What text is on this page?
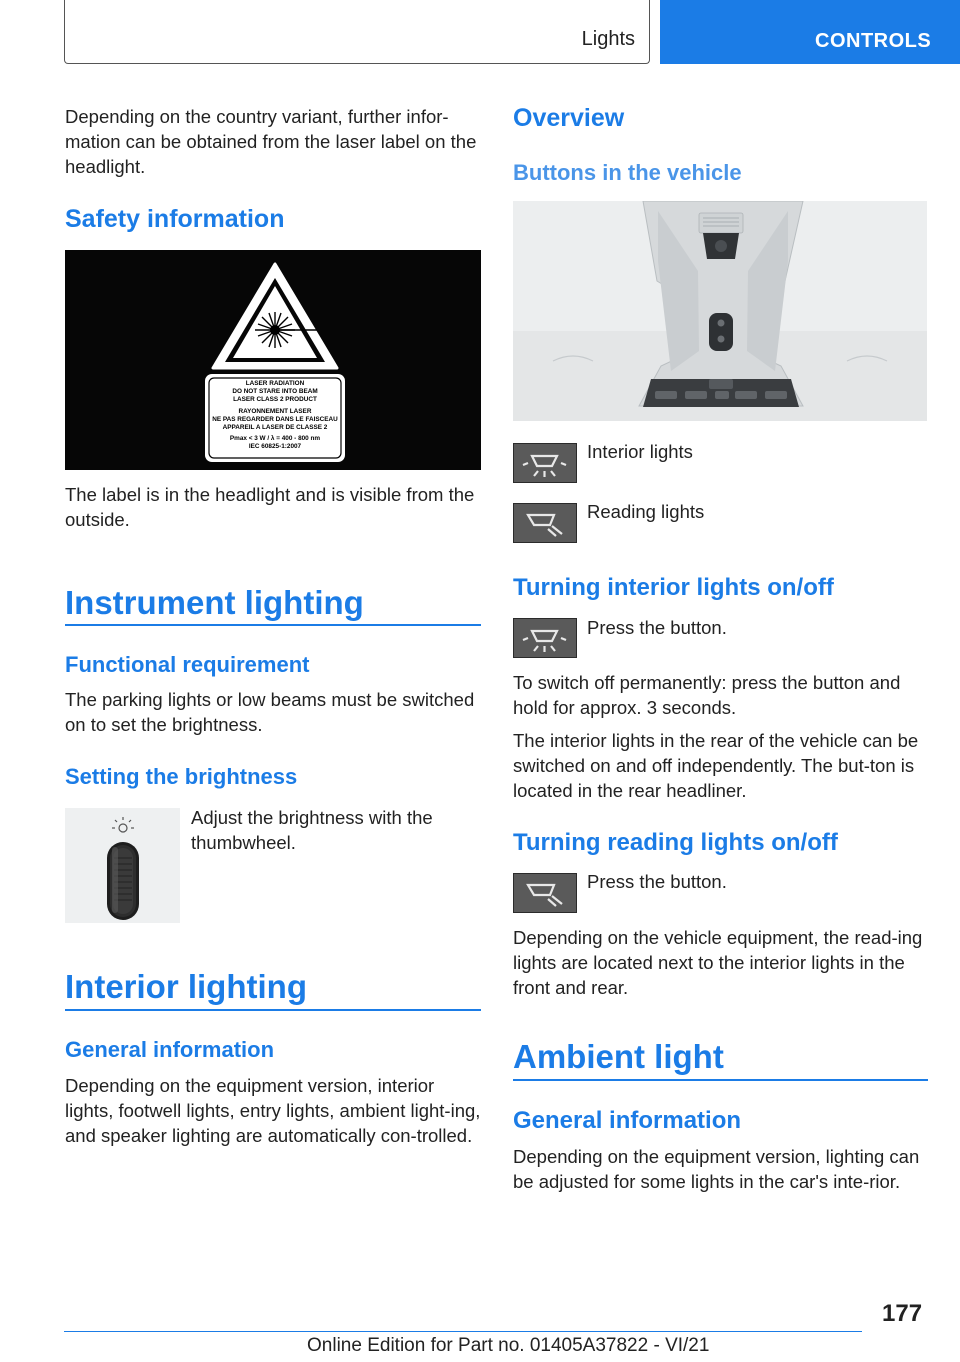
Lights	CONTROLS

Depending on the country variant, further infor-mation can be obtained from the laser label on the headlight.

Safety information
LASER RADIATION
DO NOT STARE INTO BEAM
LASER CLASS 2 PRODUCT
RAYONNEMENT LASER
NE PAS REGARDER DANS LE FAISCEAU
APPAREIL A LASER DE CLASSE 2
Pmax < 3 W / λ = 400 - 800 nm
IEC 60825-1:2007

The label is in the headlight and is visible from the outside.

Instrument lighting
Functional requirement

The parking lights or low beams must be switched on to set the brightness.

Setting the brightness

Adjust the brightness with the thumbwheel.

Interior lighting
General information

Depending on the equipment version, interior lights, footwell lights, entry lights, ambient light-ing, and speaker lighting are automatically con-trolled.

Overview
Buttons in the vehicle

Interior lights

Reading lights

Turning interior lights on/off

Press the button.

To switch off permanently: press the button and hold for approx. 3 seconds.

The interior lights in the rear of the vehicle can be switched on and off independently. The but-ton is located in the rear headliner.

Turning reading lights on/off

Press the button.

Depending on the vehicle equipment, the read-ing lights are located next to the interior lights in the front and rear.

Ambient light
General information

Depending on the equipment version, lighting can be adjusted for some lights in the car's inte-rior.

177
Online Edition for Part no. 01405A37822 - VI/21
